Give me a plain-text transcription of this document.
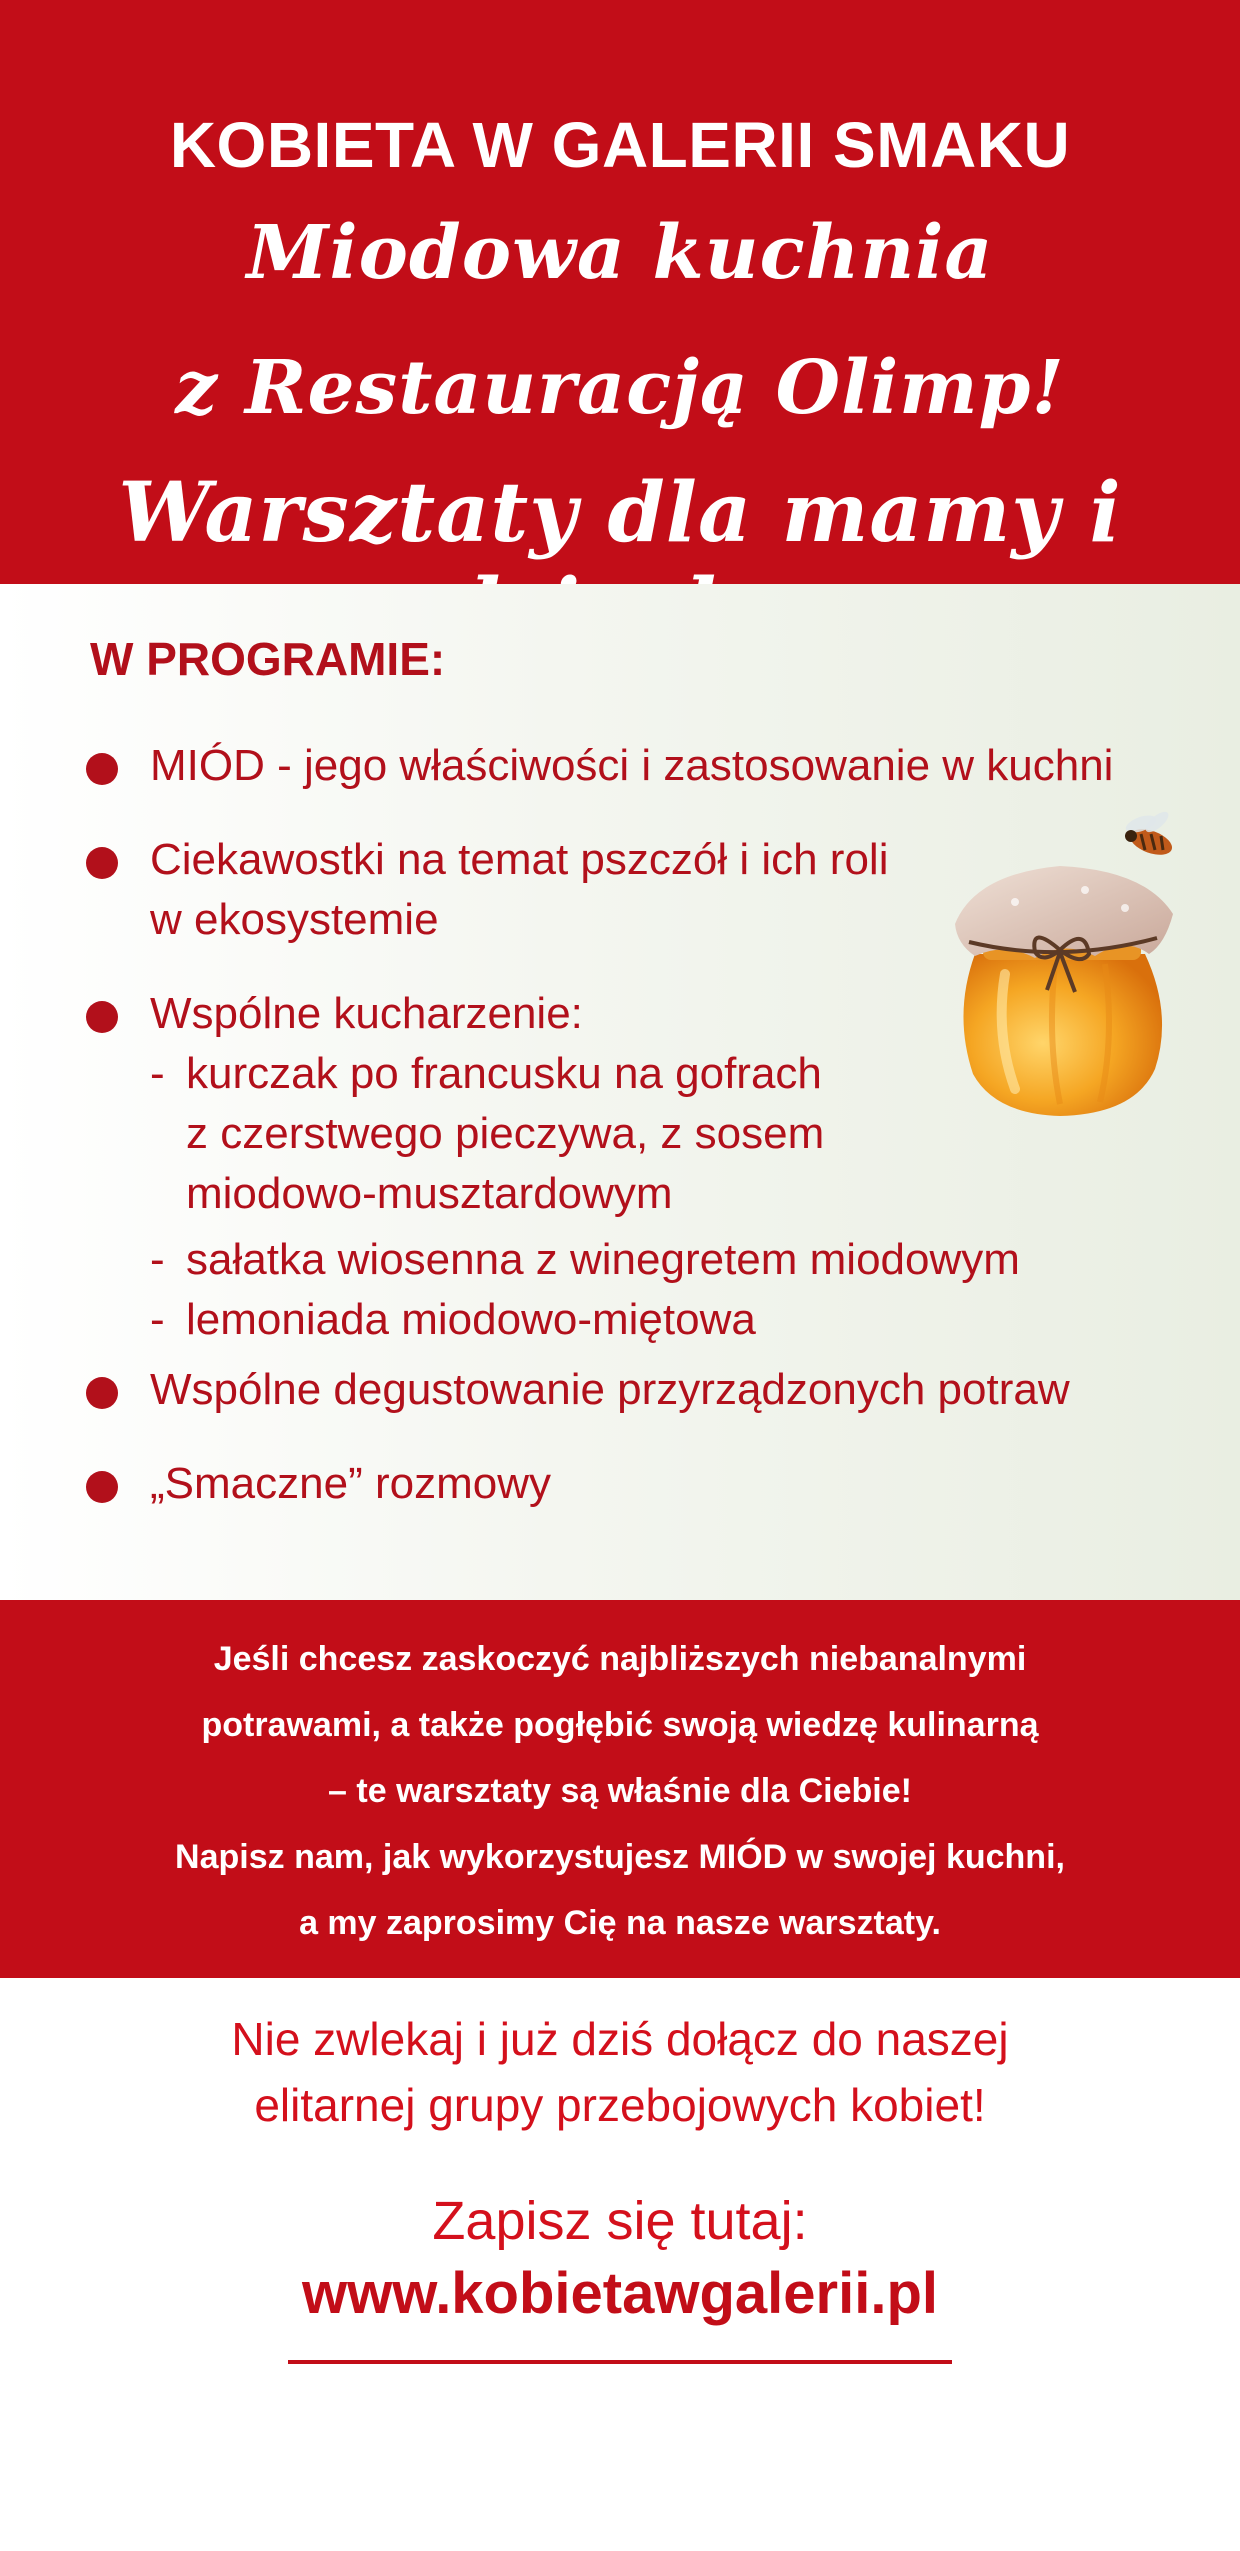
KOBIETA W GALERII SMAKU
Miodowa kuchnia
z Restauracją Olimp!
Warsztaty dla mamy i
W PROGRAMIE:
MIÓD - jego właściwości i zastosowanie w kuchni
Ciekawostki na temat pszczół i ich roli
w ekosystemie
Wspólne kucharzenie:
- kurczak po francusku na gofrach
z czerstwego pieczywa, z sosem
miodowo-musztardowym
- sałatka wiosenna z winegretem miodowym
- lemoniada miodowo-miętowa
Wspólne degustowanie przyrządzonych potraw
„Smaczne” rozmowy
Jeśli chcesz zaskoczyć najbliższych niebanalnymi
potrawami, a także pogłębić swoją wiedzę kulinarną
– te warsztaty są właśnie dla Ciebie!
Napisz nam, jak wykorzystujesz MIÓD w swojej kuchni,
a my zaprosimy Cię na nasze warsztaty.
Nie zwlekaj i już dziś dołącz do naszej
elitarnej grupy przebojowych kobiet!
Zapisz się tutaj:
www.kobietawgalerii.pl
